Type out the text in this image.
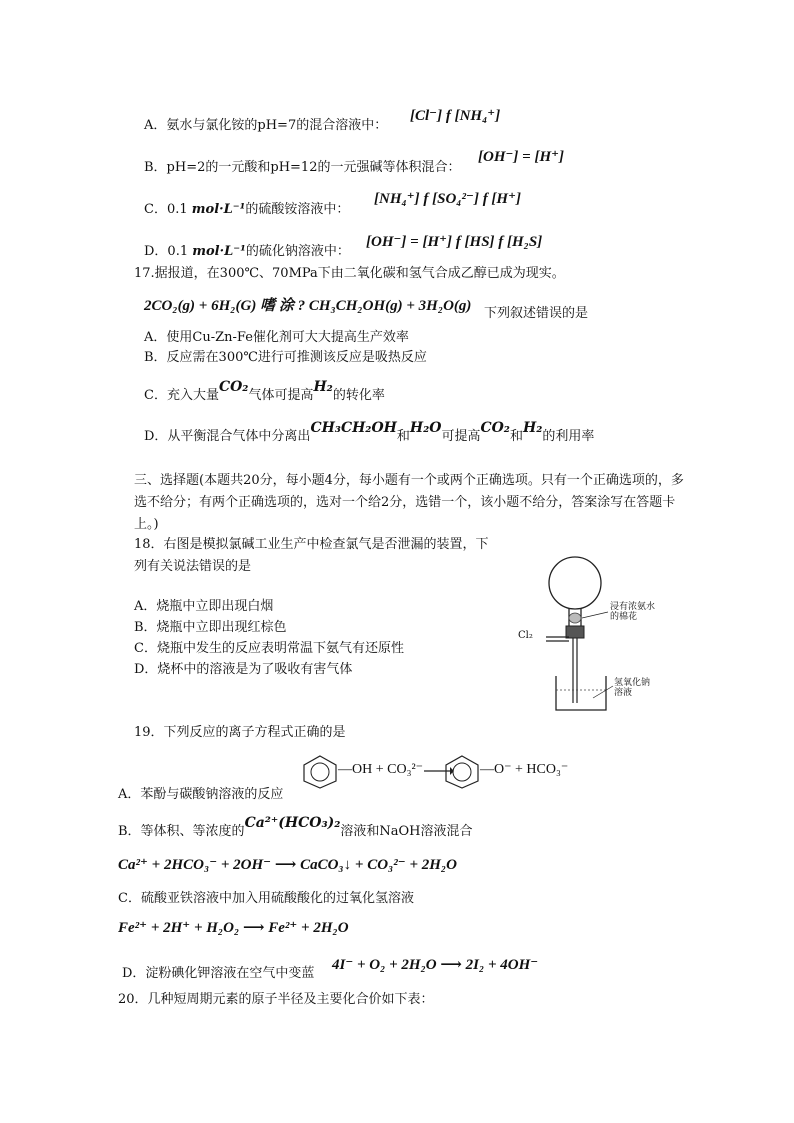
A．氨水与氯化铵的pH=7的混合溶液中：
[Cl⁻] f [NH₄⁺]
B．pH=2的一元酸和pH=12的一元强碱等体积混合：
[OH⁻] = [H⁺]
C．0.1 mol·L⁻¹的硫酸铵溶液中：
[NH₄⁺] f [SO₄²⁻] f [H⁺]
D．0.1 mol·L⁻¹的硫化钠溶液中：
[OH⁻] = [H⁺] f [HS] f [H₂S]
17.据报道，在300℃、70MPa下由二氧化碳和氢气合成乙醇已成为现实。
2CO₂(g) + 6H₂(G) 嗜 涂 ? CH₃CH₂OH(g) + 3H₂O(g) 下列叙述错误的是
A．使用Cu-Zn-Fe催化剂可大大提高生产效率
B．反应需在300℃进行可推测该反应是吸热反应
C．充入大量CO₂气体可提高H₂的转化率
D．从平衡混合气体中分离出CH₃CH₂OH和H₂O可提高CO₂和H₂的利用率
三、选择题(本题共20分，每小题4分，每小题有一个或两个正确选项。只有一个正确选项的，多选不给分；有两个正确选项的，选对一个给2分，选错一个，该小题不给分，答案涂写在答题卡上。)
18．右图是模拟氯碱工业生产中检查氯气是否泄漏的装置，下列有关说法错误的是
A．烧瓶中立即出现白烟
B．烧瓶中立即出现红棕色
C．烧瓶中发生的反应表明常温下氨气有还原性
D．烧杯中的溶液是为了吸收有害气体
浸有浓氨水的棉花
Cl₂
氢氧化钠溶液
19．下列反应的离子方程式正确的是
—OH + CO₃²⁻ → —O⁻ + HCO₃⁻
A．苯酚与碳酸钠溶液的反应
B．等体积、等浓度的Ca²⁺(HCO₃)₂溶液和NaOH溶液混合
Ca²⁺ + 2HCO₃⁻ + 2OH⁻ ⟶ CaCO₃↓ + CO₃²⁻ + 2H₂O
C．硫酸亚铁溶液中加入用硫酸酸化的过氧化氢溶液
Fe²⁺ + 2H⁺ + H₂O₂ ⟶ Fe²⁺ + 2H₂O
D．淀粉碘化钾溶液在空气中变蓝
4I⁻ + O₂ + 2H₂O ⟶ 2I₂ + 4OH⁻
20．几种短周期元素的原子半径及主要化合价如下表：
